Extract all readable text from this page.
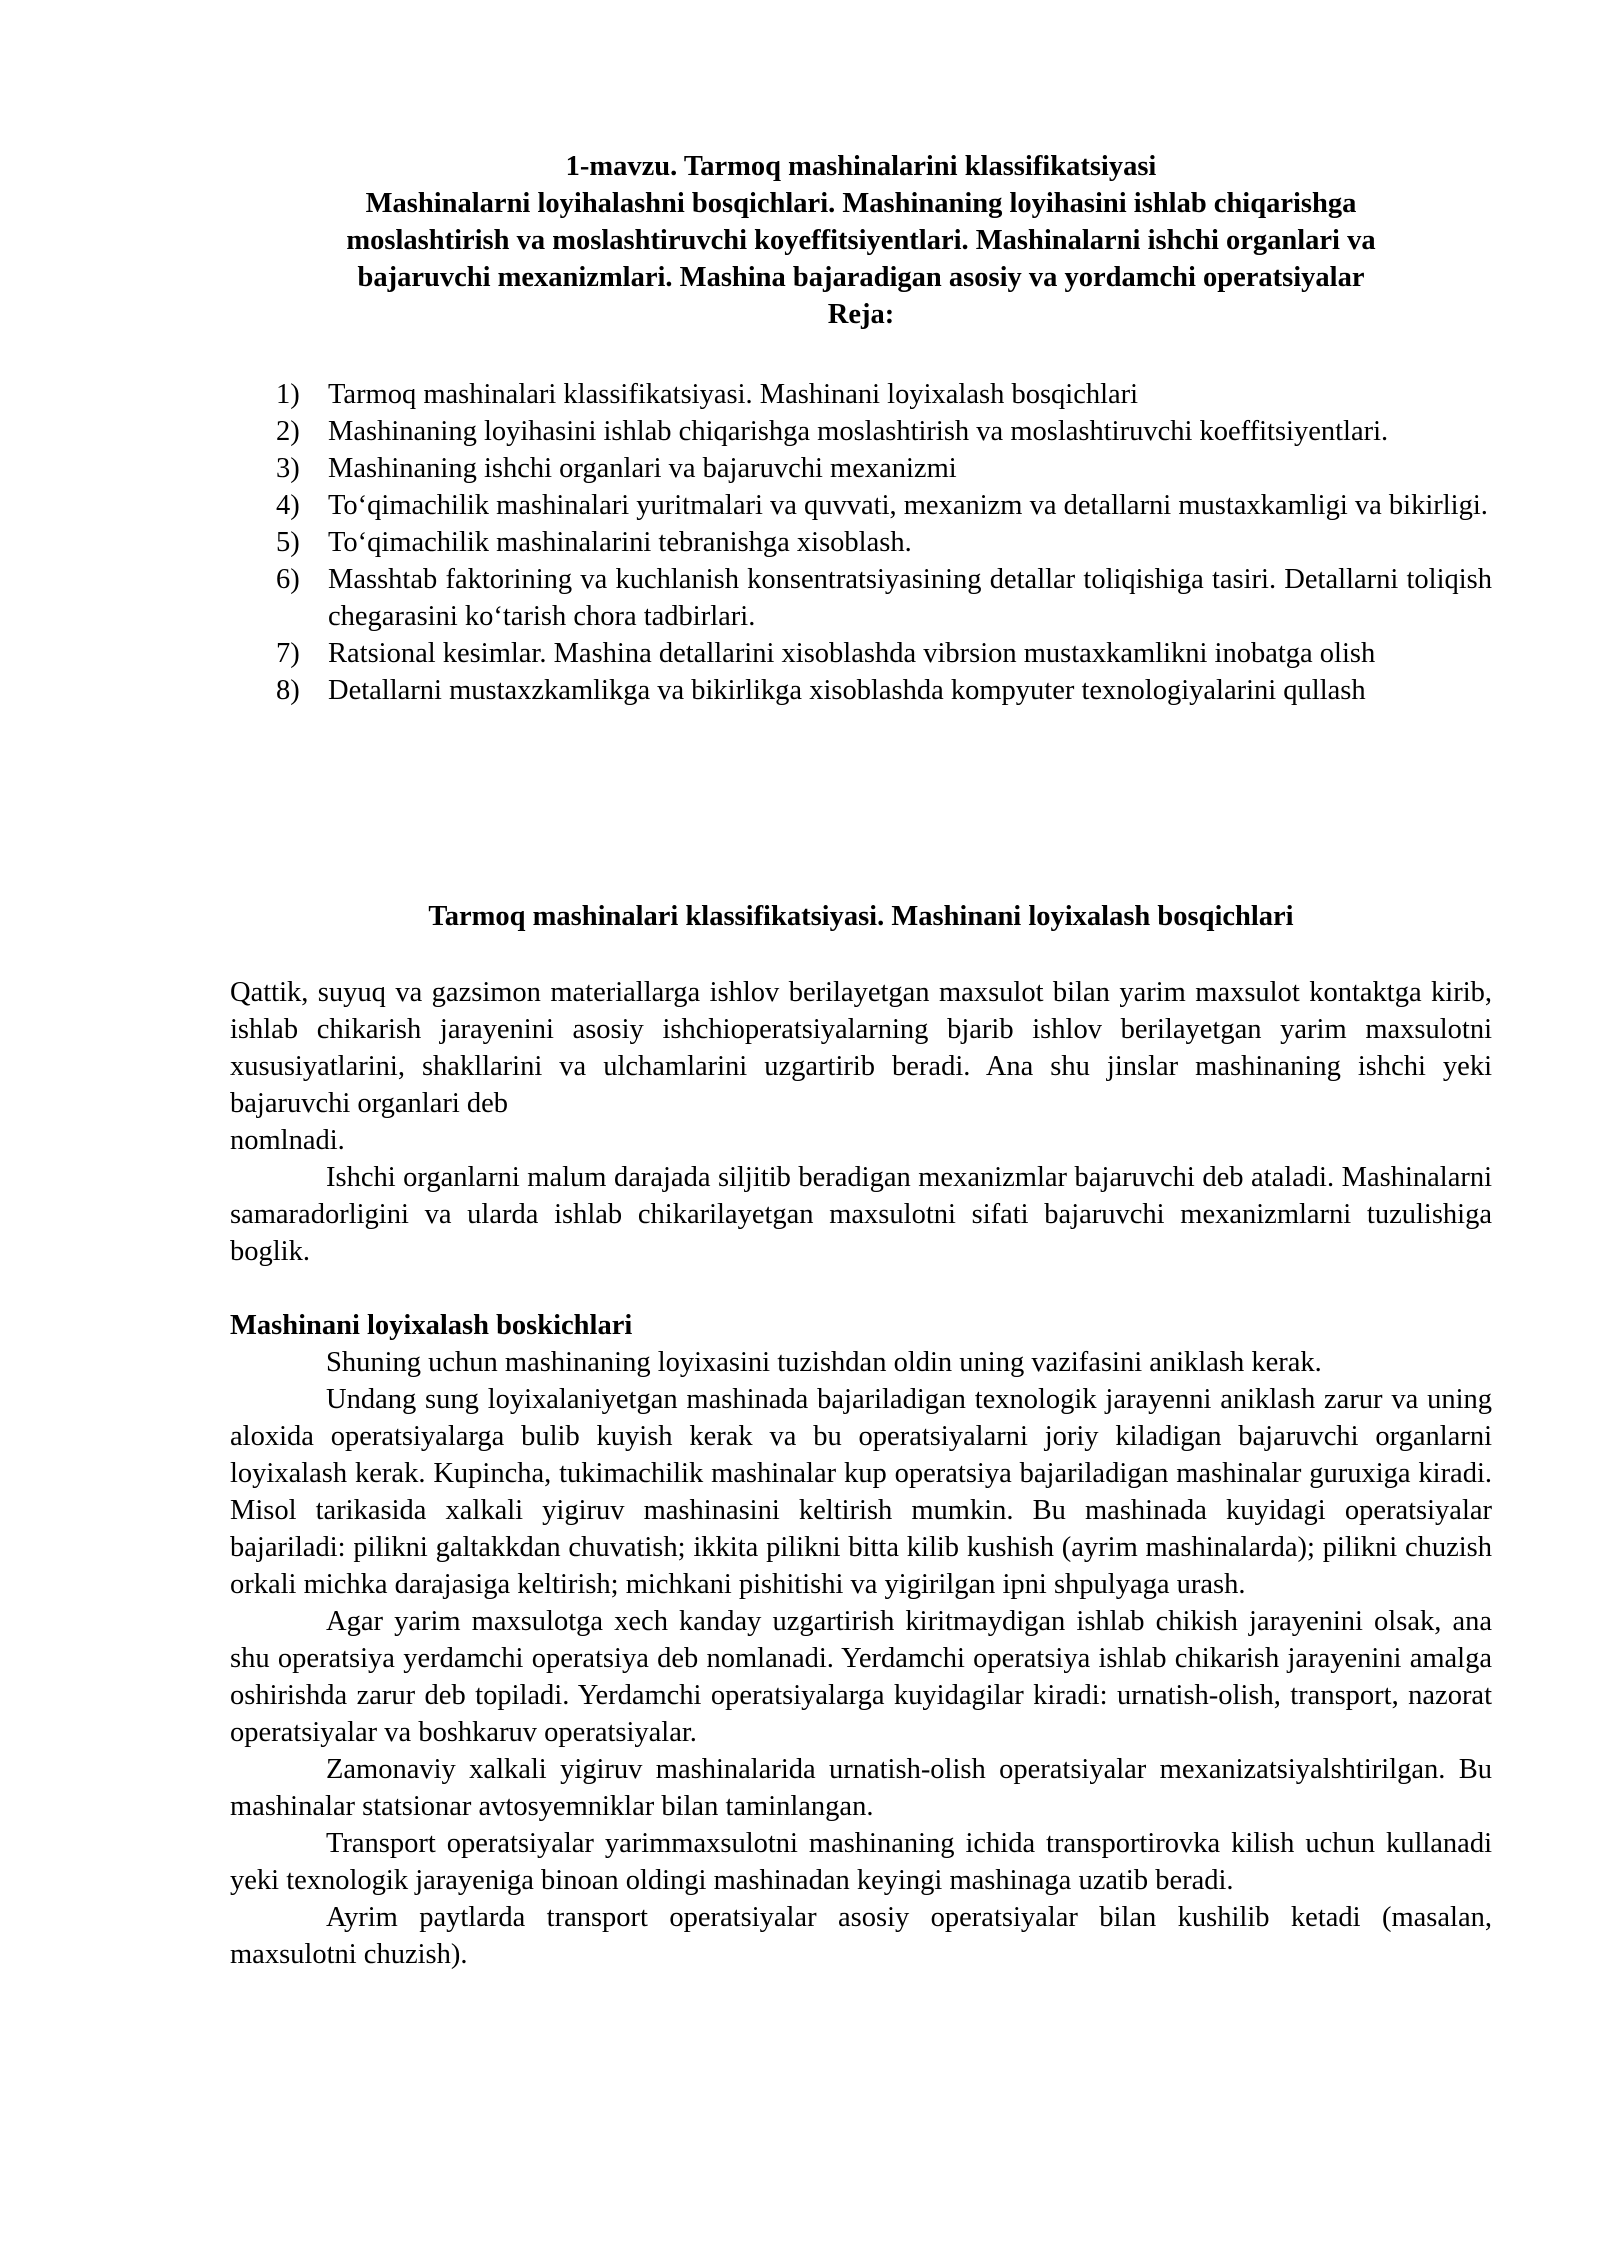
1-mavzu. Tarmoq mashinalarini klassifikatsiyasi
Mashinalarni loyihalashni bosqichlari. Mashinaning loyihasini ishlab chiqarishga
moslashtirish va moslashtiruvchi koyeffitsiyentlari. Mashinalarni ishchi organlari va
bajaruvchi mexanizmlari. Mashina bajaradigan asosiy va yordamchi operatsiyalar
Reja:
1) Tarmoq mashinalari klassifikatsiyasi. Mashinani loyixalash bosqichlari
2) Mashinaning loyihasini ishlab chiqarishga moslashtirish va moslashtiruvchi koeffitsiyentlari.
3) Mashinaning ishchi organlari va bajaruvchi mexanizmi
4) To‘qimachilik mashinalari yuritmalari va quvvati, mexanizm va detallarni mustaxkamligi va bikirligi.
5) To‘qimachilik mashinalarini tebranishga xisoblash.
6) Masshtab faktorining va kuchlanish konsentratsiyasining detallar toliqishiga tasiri. Detallarni toliqish chegarasini ko‘tarish chora tadbirlari.
7) Ratsional kesimlar. Mashina detallarini xisoblashda vibrsion mustaxkamlikni inobatga olish
8) Detallarni mustaxzkamlikga va bikirlikga xisoblashda kompyuter texnologiyalarini qullash
Tarmoq mashinalari klassifikatsiyasi. Mashinani loyixalash bosqichlari

Qattik, suyuq va gazsimon materiallarga ishlov berilayetgan maxsulot bilan yarim maxsulot kontaktga kirib, ishlab chikarish jarayenini asosiy ishchioperatsiyalarning bjarib ishlov berilayetgan yarim maxsulotni xususiyatlarini, shakllarini va ulchamlarini uzgartirib beradi. Ana shu jinslar mashinaning ishchi yeki bajaruvchi organlari deb
nomlnadi.

Ishchi organlarni malum darajada siljitib beradigan mexanizmlar bajaruvchi deb ataladi. Mashinalarni samaradorligini va ularda ishlab chikarilayetgan maxsulotni sifati bajaruvchi mexanizmlarni tuzulishiga boglik.

Mashinani loyixalash boskichlari

Shuning uchun mashinaning loyixasini tuzishdan oldin uning vazifasini aniklash kerak.

Undang sung loyixalaniyetgan mashinada bajariladigan texnologik jarayenni aniklash zarur va uning aloxida operatsiyalarga bulib kuyish kerak va bu operatsiyalarni joriy kiladigan bajaruvchi organlarni loyixalash kerak. Kupincha, tukimachilik mashinalar kup operatsiya bajariladigan mashinalar guruxiga kiradi. Misol tarikasida xalkali yigiruv mashinasini keltirish mumkin. Bu mashinada kuyidagi operatsiyalar bajariladi: pilikni galtakkdan chuvatish; ikkita pilikni bitta kilib kushish (ayrim mashinalarda); pilikni chuzish orkali michka darajasiga keltirish; michkani pishitishi va yigirilgan ipni shpulyaga urash.

Agar yarim maxsulotga xech kanday uzgartirish kiritmaydigan ishlab chikish jarayenini olsak, ana shu operatsiya yerdamchi operatsiya deb nomlanadi. Yerdamchi operatsiya ishlab chikarish jarayenini amalga oshirishda zarur deb topiladi. Yerdamchi operatsiyalarga kuyidagilar kiradi: urnatish-olish, transport, nazorat operatsiyalar va boshkaruv operatsiyalar.

Zamonaviy xalkali yigiruv mashinalarida urnatish-olish operatsiyalar mexanizatsiyalshtirilgan. Bu mashinalar statsionar avtosyemniklar bilan taminlangan.

Transport operatsiyalar yarimmaxsulotni mashinaning ichida transportirovka kilish uchun kullanadi yeki texnologik jarayeniga binoan oldingi mashinadan keyingi mashinaga uzatib beradi.

Ayrim paytlarda transport operatsiyalar asosiy operatsiyalar bilan kushilib ketadi (masalan, maxsulotni chuzish).
